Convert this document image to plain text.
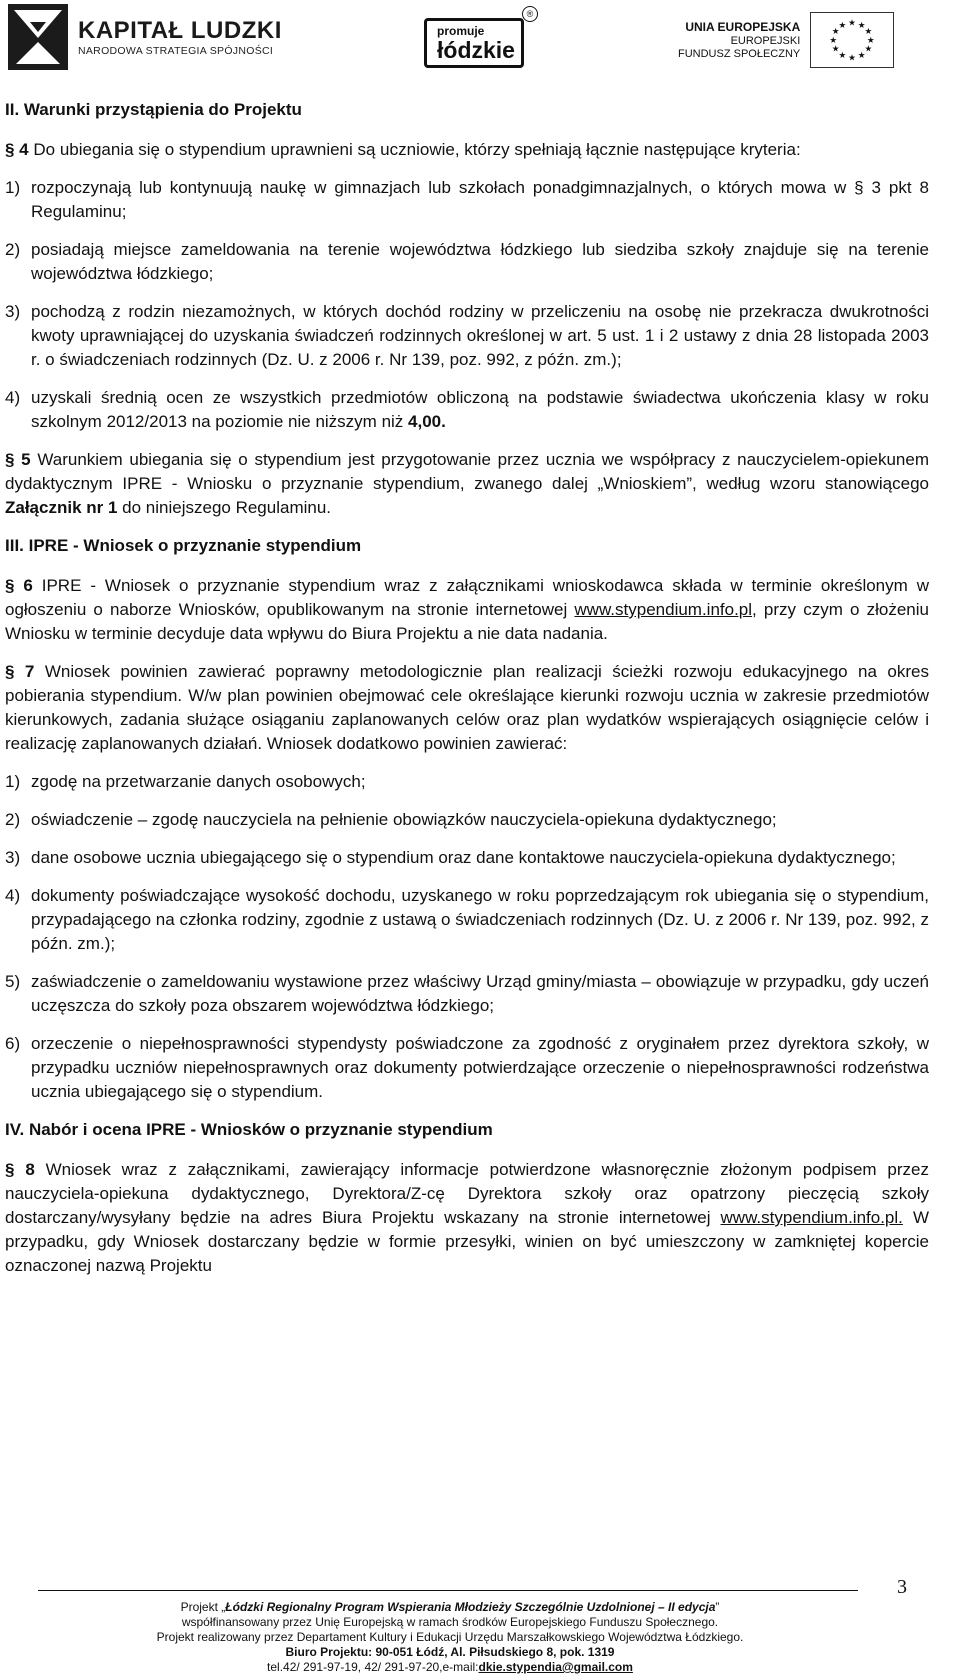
KAPITAŁ LUDZKI
NARODOWA STRATEGIA SPÓJNOŚCI
promuje
łódzkie
®
UNIA EUROPEJSKA
EUROPEJSKI
FUNDUSZ SPOŁECZNY
★ ★
★
★
★
★
★
★
★
★
★
★
II. Warunki przystąpienia do Projektu

§ 4 Do ubiegania się o stypendium uprawnieni są uczniowie, którzy spełniają łącznie następujące kryteria:

1) rozpoczynają lub kontynuują naukę w gimnazjach lub szkołach ponadgimnazjalnych, o których mowa w § 3 pkt 8 Regulaminu;
2) posiadają miejsce zameldowania na terenie województwa łódzkiego lub siedziba szkoły znajduje się na terenie województwa łódzkiego;
3) pochodzą z rodzin niezamożnych, w których dochód rodziny w przeliczeniu na osobę nie przekracza dwukrotności kwoty uprawniającej do uzyskania świadczeń rodzinnych określonej w art. 5 ust. 1 i 2 ustawy z dnia 28 listopada 2003 r. o świadczeniach rodzinnych (Dz. U. z 2006 r. Nr 139, poz. 992, z późn. zm.);
4) uzyskali średnią ocen ze wszystkich przedmiotów obliczoną na podstawie świadectwa ukończenia klasy w roku szkolnym 2012/2013 na poziomie nie niższym niż 4,00.

§ 5 Warunkiem ubiegania się o stypendium jest przygotowanie przez ucznia we współpracy z nauczycielem-opiekunem dydaktycznym IPRE - Wniosku o przyznanie stypendium, zwanego dalej „Wnioskiem”, według wzoru stanowiącego Załącznik nr 1 do niniejszego Regulaminu.

III. IPRE - Wniosek o przyznanie stypendium

§ 6 IPRE - Wniosek o przyznanie stypendium wraz z załącznikami wnioskodawca składa w terminie określonym w ogłoszeniu o naborze Wniosków, opublikowanym na stronie internetowej www.stypendium.info.pl, przy czym o złożeniu Wniosku w terminie decyduje data wpływu do Biura Projektu a nie data nadania.

§ 7 Wniosek powinien zawierać poprawny metodologicznie plan realizacji ścieżki rozwoju edukacyjnego na okres pobierania stypendium. W/w plan powinien obejmować cele określające kierunki rozwoju ucznia w zakresie przedmiotów kierunkowych, zadania służące osiąganiu zaplanowanych celów oraz plan wydatków wspierających osiągnięcie celów i realizację zaplanowanych działań. Wniosek dodatkowo powinien zawierać:

1) zgodę na przetwarzanie danych osobowych;
2) oświadczenie – zgodę nauczyciela na pełnienie obowiązków nauczyciela-opiekuna dydaktycznego;
3) dane osobowe ucznia ubiegającego się o stypendium oraz dane kontaktowe nauczyciela-opiekuna dydaktycznego;
4) dokumenty poświadczające wysokość dochodu, uzyskanego w roku poprzedzającym rok ubiegania się o stypendium, przypadającego na członka rodziny, zgodnie z ustawą o świadczeniach rodzinnych (Dz. U. z 2006 r. Nr 139, poz. 992, z późn. zm.);
5) zaświadczenie o zameldowaniu wystawione przez właściwy Urząd gminy/miasta – obowiązuje w przypadku, gdy uczeń uczęszcza do szkoły poza obszarem województwa łódzkiego;
6) orzeczenie o niepełnosprawności stypendysty poświadczone za zgodność z oryginałem przez dyrektora szkoły, w przypadku uczniów niepełnosprawnych oraz dokumenty potwierdzające orzeczenie o niepełnosprawności rodzeństwa ucznia ubiegającego się o stypendium.
IV. Nabór i ocena IPRE - Wniosków o przyznanie stypendium

§ 8 Wniosek wraz z załącznikami, zawierający informacje potwierdzone własnoręcznie złożonym podpisem przez nauczyciela-opiekuna dydaktycznego, Dyrektora/Z-cę Dyrektora szkoły oraz opatrzony pieczęcią szkoły dostarczany/wysyłany będzie na adres Biura Projektu wskazany na stronie internetowej www.stypendium.info.pl. W przypadku, gdy Wniosek dostarczany będzie w formie przesyłki, winien on być umieszczony w zamkniętej kopercie oznaczonej nazwą Projektu

3
Projekt „Łódzki Regionalny Program Wspierania Młodzieży Szczególnie Uzdolnionej – II edycja”
współfinansowany przez Unię Europejską w ramach środków Europejskiego Funduszu Społecznego.
Projekt realizowany przez Departament Kultury i Edukacji Urzędu Marszałkowskiego Województwa Łódzkiego.
Biuro Projektu: 90-051 Łódź, Al. Piłsudskiego 8, pok. 1319
tel.42/ 291-97-19, 42/ 291-97-20,e-mail:dkie.stypendia@gmail.com
